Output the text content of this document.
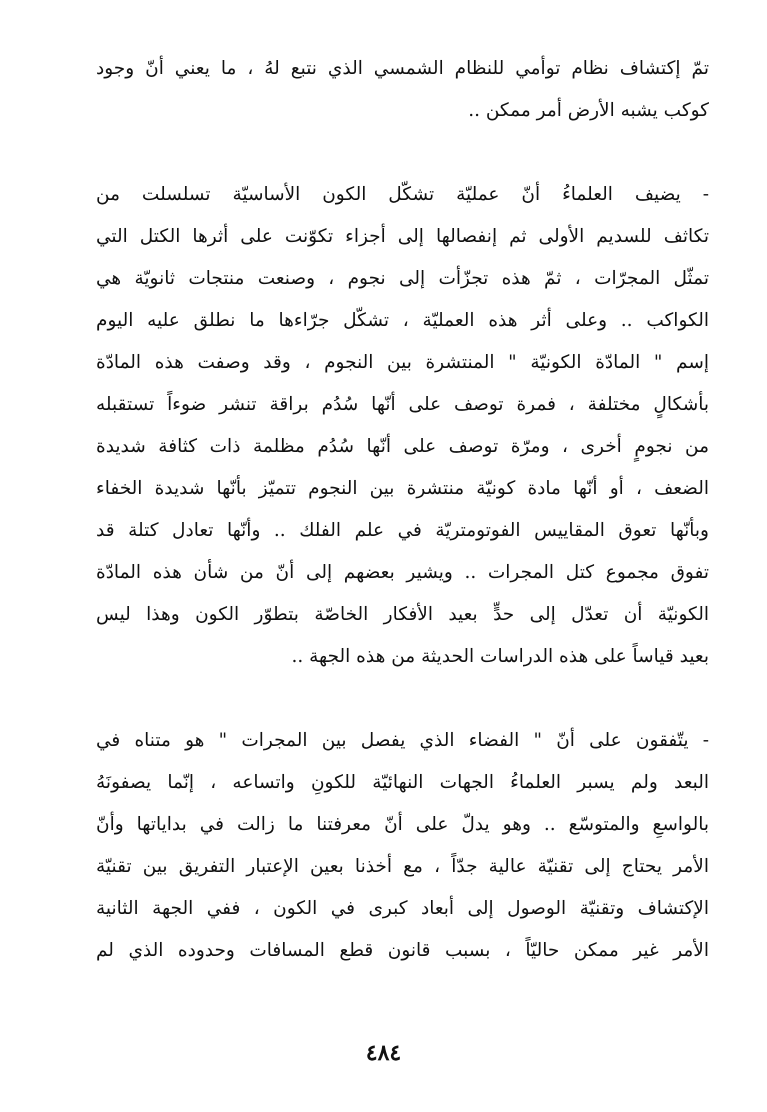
تمّ إكتشاف نظام توأمي للنظام الشمسي الذي نتبع لهُ ، ما يعني أنّ وجود
كوكب يشبه الأرض أمر ممكن ..
- يضيف العلماءُ أنّ عمليّة تشكّل الكون الأساسيّة تسلسلت من
تكاثف للسديم الأولى ثم إنفصالها إلى أجزاء تكوّنت على أثرها الكتل التي
تمثّل المجرّات ، ثمّ هذه تجزّأت إلى نجوم ، وصنعت منتجات ثانويّة هي
الكواكب .. وعلى أثر هذه العمليّة ، تشكّل جرّاءها ما نطلق عليه اليوم
إسم " المادّة الكونيّة " المنتشرة بين النجوم ، وقد وصفت هذه المادّة
بأشكالٍ مختلفة ، فمرة توصف على أنّها سُدُم براقة تنشر ضوءاً تستقبله
من نجومٍ أخرى ، ومرّة توصف على أنّها سُدُم مظلمة ذات كثافة شديدة
الضعف ، أو أنّها مادة كونيّة منتشرة بين النجوم تتميّز بأنّها شديدة الخفاء
وبأنّها تعوق المقاييس الفوتومتريّة في علم الفلك .. وأنّها تعادل كتلة قد
تفوق مجموع كتل المجرات .. ويشير بعضهم إلى أنّ من شأن هذه المادّة
الكونيّة أن تعدّل إلى حدٍّ بعيد الأفكار الخاصّة بتطوّر الكون وهذا ليس
بعيد قياساً على هذه الدراسات الحديثة من هذه الجهة ..
- يتّفقون على أنّ " الفضاء الذي يفصل بين المجرات " هو متناه في
البعد ولم يسبر العلماءُ الجهات النهائيّة للكونِ واتساعه ، إنّما يصفونَهُ
بالواسعِ والمتوسّع .. وهو يدلّ على أنّ معرفتنا ما زالت في بداياتها وأنّ
الأمر يحتاج إلى تقنيّة عالية جدّاً ، مع أخذنا بعين الإعتبار التفريق بين تقنيّة
الإكتشاف وتقنيّة الوصول إلى أبعاد كبرى في الكون ، ففي الجهة الثانية
الأمر غير ممكن حاليّاً ، بسبب قانون قطع المسافات وحدوده الذي لم
٤٨٤
